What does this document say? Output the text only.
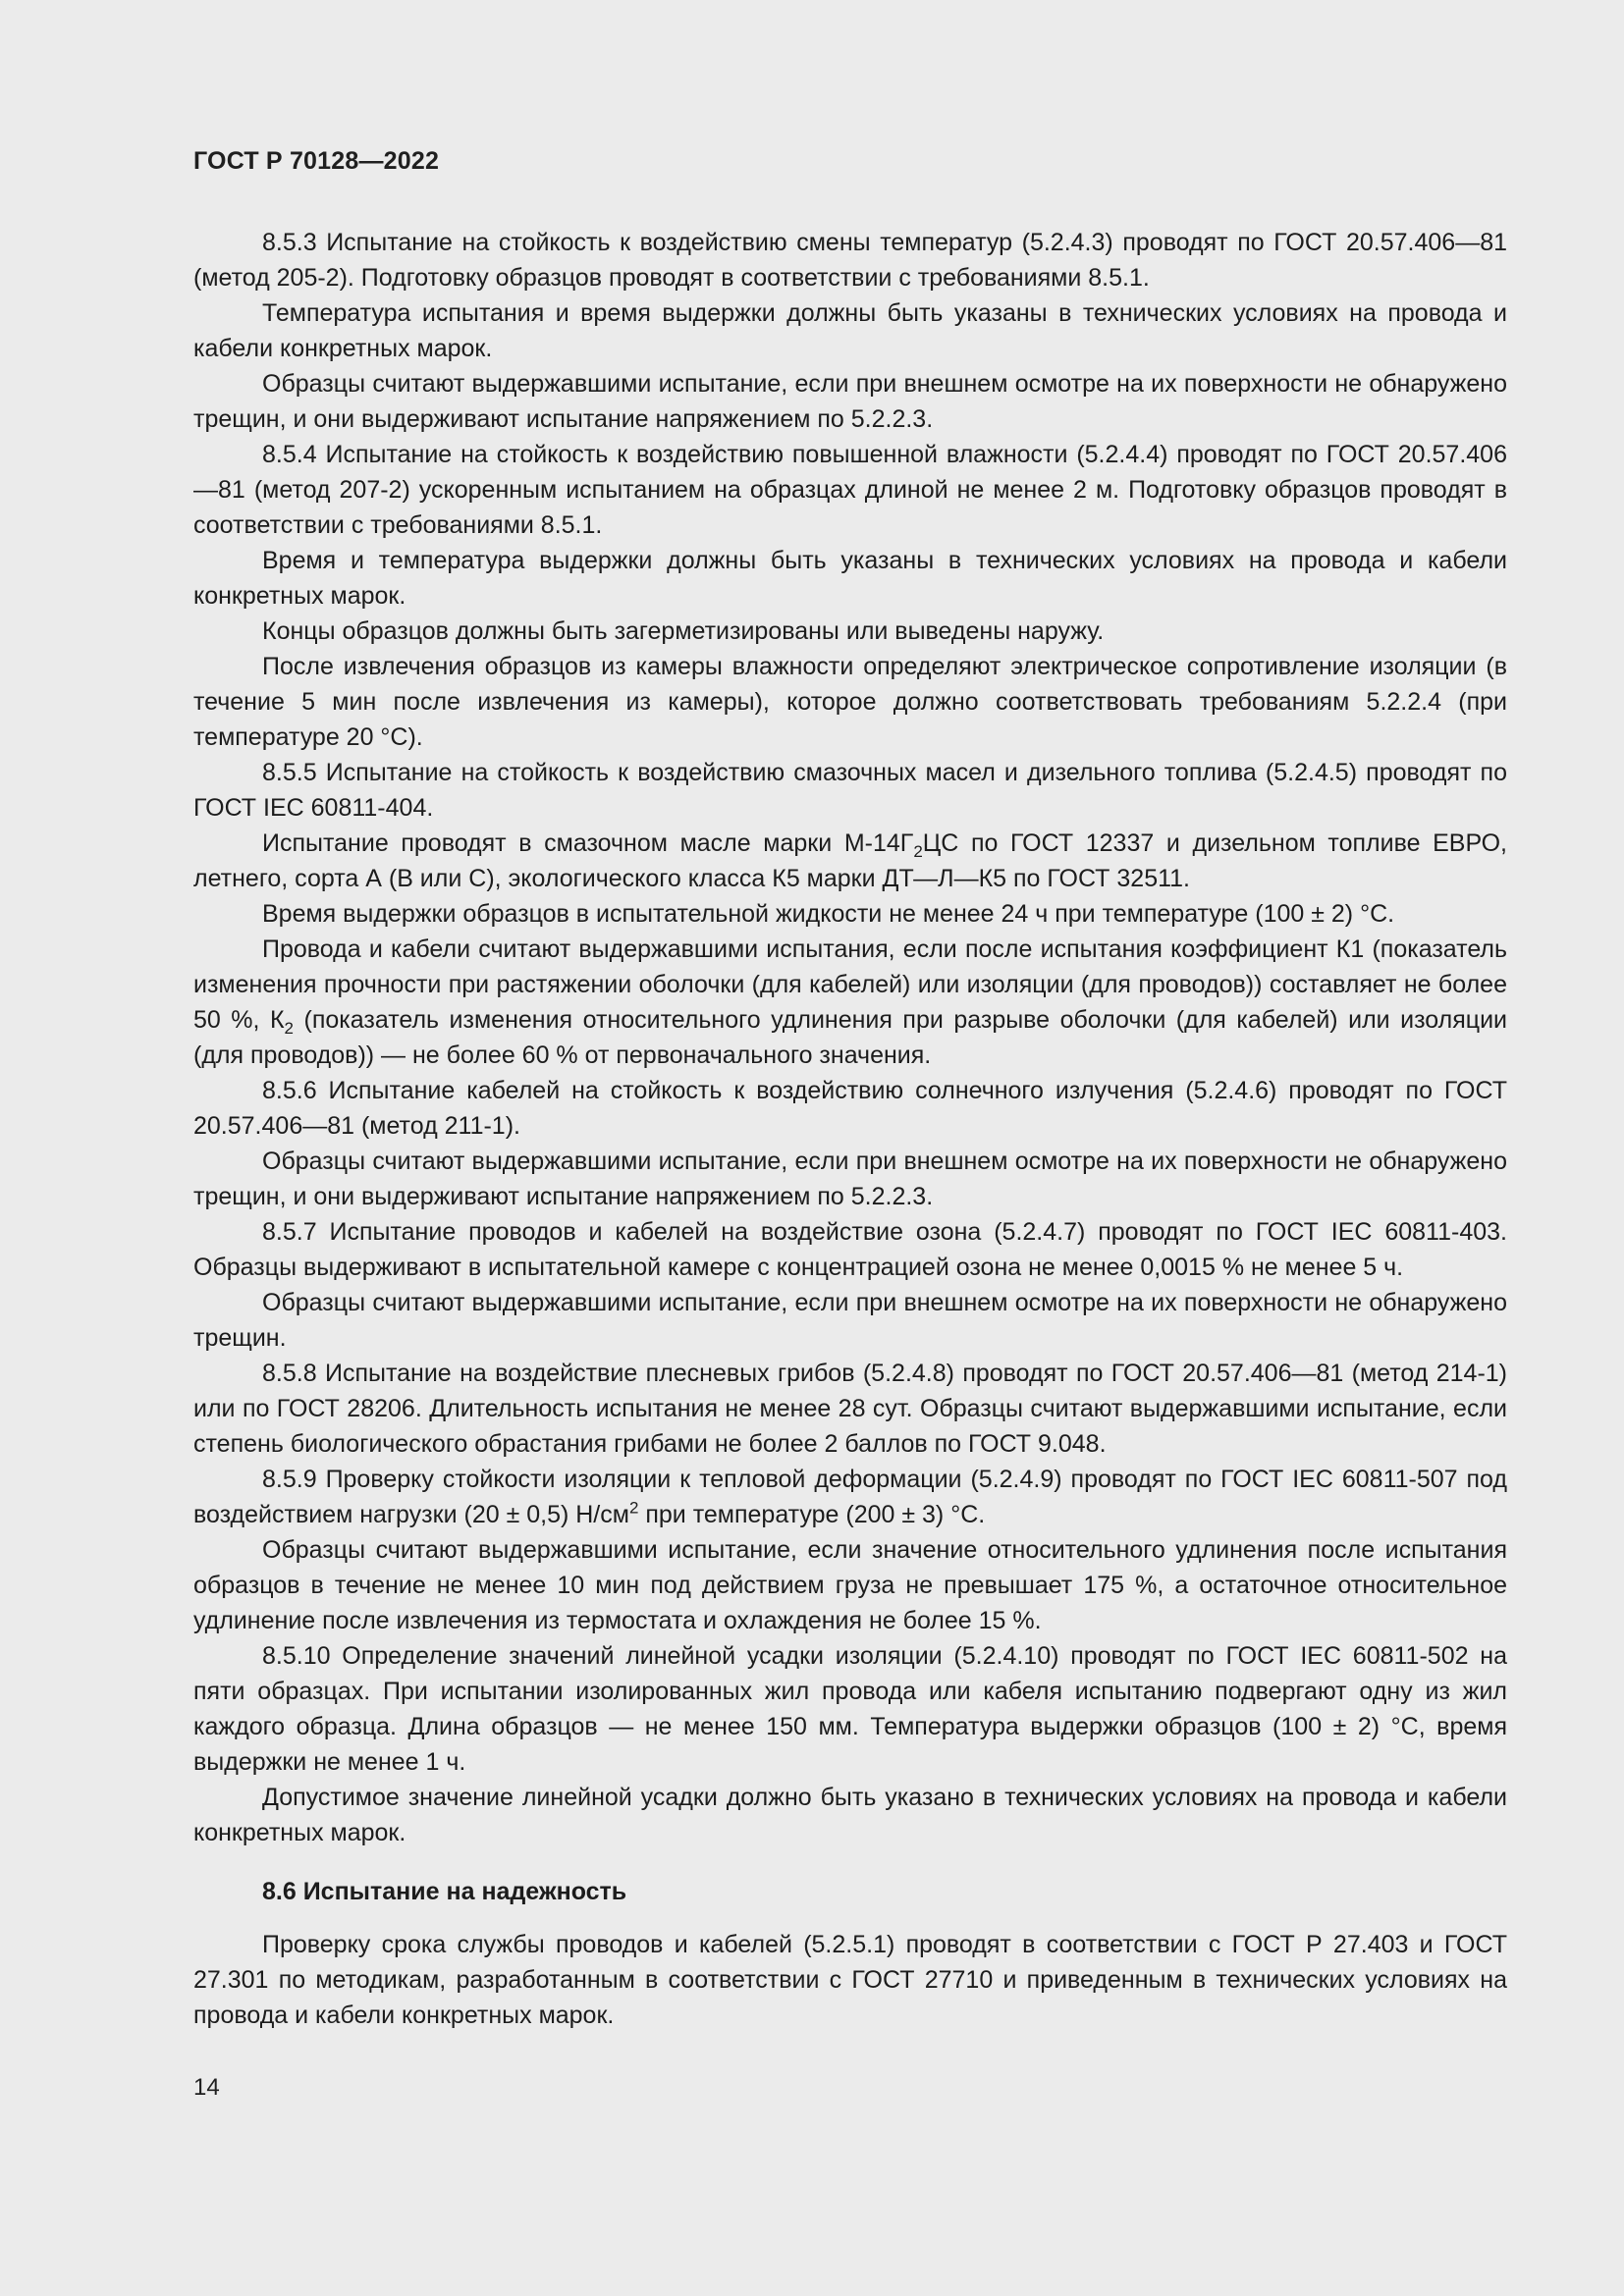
ГОСТ Р 70128—2022

8.5.3 Испытание на стойкость к воздействию смены температур (5.2.4.3) проводят по ГОСТ 20.57.406—81 (метод 205-2). Подготовку образцов проводят в соответствии с требованиями 8.5.1.

Температура испытания и время выдержки должны быть указаны в технических условиях на провода и кабели конкретных марок.

Образцы считают выдержавшими испытание, если при внешнем осмотре на их поверхности не обнаружено трещин, и они выдерживают испытание напряжением по 5.2.2.3.

8.5.4 Испытание на стойкость к воздействию повышенной влажности (5.2.4.4) проводят по ГОСТ 20.57.406—81 (метод 207-2) ускоренным испытанием на образцах длиной не менее 2 м. Подготовку образцов проводят в соответствии с требованиями 8.5.1.

Время и температура выдержки должны быть указаны в технических условиях на провода и кабели конкретных марок.

Концы образцов должны быть загерметизированы или выведены наружу.

После извлечения образцов из камеры влажности определяют электрическое сопротивление изоляции (в течение 5 мин после извлечения из камеры), которое должно соответствовать требованиям 5.2.2.4 (при температуре 20 °C).

8.5.5 Испытание на стойкость к воздействию смазочных масел и дизельного топлива (5.2.4.5) проводят по ГОСТ IEC 60811-404.

Испытание проводят в смазочном масле марки $М-14Г_2ЦС$ по ГОСТ 12337 и дизельном топливе ЕВРО, летнего, сорта А (В или С), экологического класса К5 марки ДТ—Л—К5 по ГОСТ 32511.

Время выдержки образцов в испытательной жидкости не менее 24 ч при температуре (100 ± 2) °C.

Провода и кабели считают выдержавшими испытания, если после испытания коэффициент К1 (показатель изменения прочности при растяжении оболочки (для кабелей) или изоляции (для проводов)) составляет не более 50 %, $К_2$ (показатель изменения относительного удлинения при разрыве оболочки (для кабелей) или изоляции (для проводов)) — не более 60 % от первоначального значения.

8.5.6 Испытание кабелей на стойкость к воздействию солнечного излучения (5.2.4.6) проводят по ГОСТ 20.57.406—81 (метод 211-1).

Образцы считают выдержавшими испытание, если при внешнем осмотре на их поверхности не обнаружено трещин, и они выдерживают испытание напряжением по 5.2.2.3.

8.5.7 Испытание проводов и кабелей на воздействие озона (5.2.4.7) проводят по ГОСТ IEC 60811-403. Образцы выдерживают в испытательной камере с концентрацией озона не менее 0,0015 % не менее 5 ч.

Образцы считают выдержавшими испытание, если при внешнем осмотре на их поверхности не обнаружено трещин.

8.5.8 Испытание на воздействие плесневых грибов (5.2.4.8) проводят по ГОСТ 20.57.406—81 (метод 214-1) или по ГОСТ 28206. Длительность испытания не менее 28 сут. Образцы считают выдержавшими испытание, если степень биологического обрастания грибами не более 2 баллов по ГОСТ 9.048.

8.5.9 Проверку стойкости изоляции к тепловой деформации (5.2.4.9) проводят по ГОСТ IEC 60811-507 под воздействием нагрузки (20 ± 0,5) $Н/см^2$ при температуре (200 ± 3) °C.

Образцы считают выдержавшими испытание, если значение относительного удлинения после испытания образцов в течение не менее 10 мин под действием груза не превышает 175 %, а остаточное относительное удлинение после извлечения из термостата и охлаждения не более 15 %.

8.5.10 Определение значений линейной усадки изоляции (5.2.4.10) проводят по ГОСТ IEC 60811-502 на пяти образцах. При испытании изолированных жил провода или кабеля испытанию подвергают одну из жил каждого образца. Длина образцов — не менее 150 мм. Температура выдержки образцов (100 ± 2) °C, время выдержки не менее 1 ч.

Допустимое значение линейной усадки должно быть указано в технических условиях на провода и кабели конкретных марок.

8.6 Испытание на надежность

Проверку срока службы проводов и кабелей (5.2.5.1) проводят в соответствии с ГОСТ Р 27.403 и ГОСТ 27.301 по методикам, разработанным в соответствии с ГОСТ 27710 и приведенным в технических условиях на провода и кабели конкретных марок.

14
